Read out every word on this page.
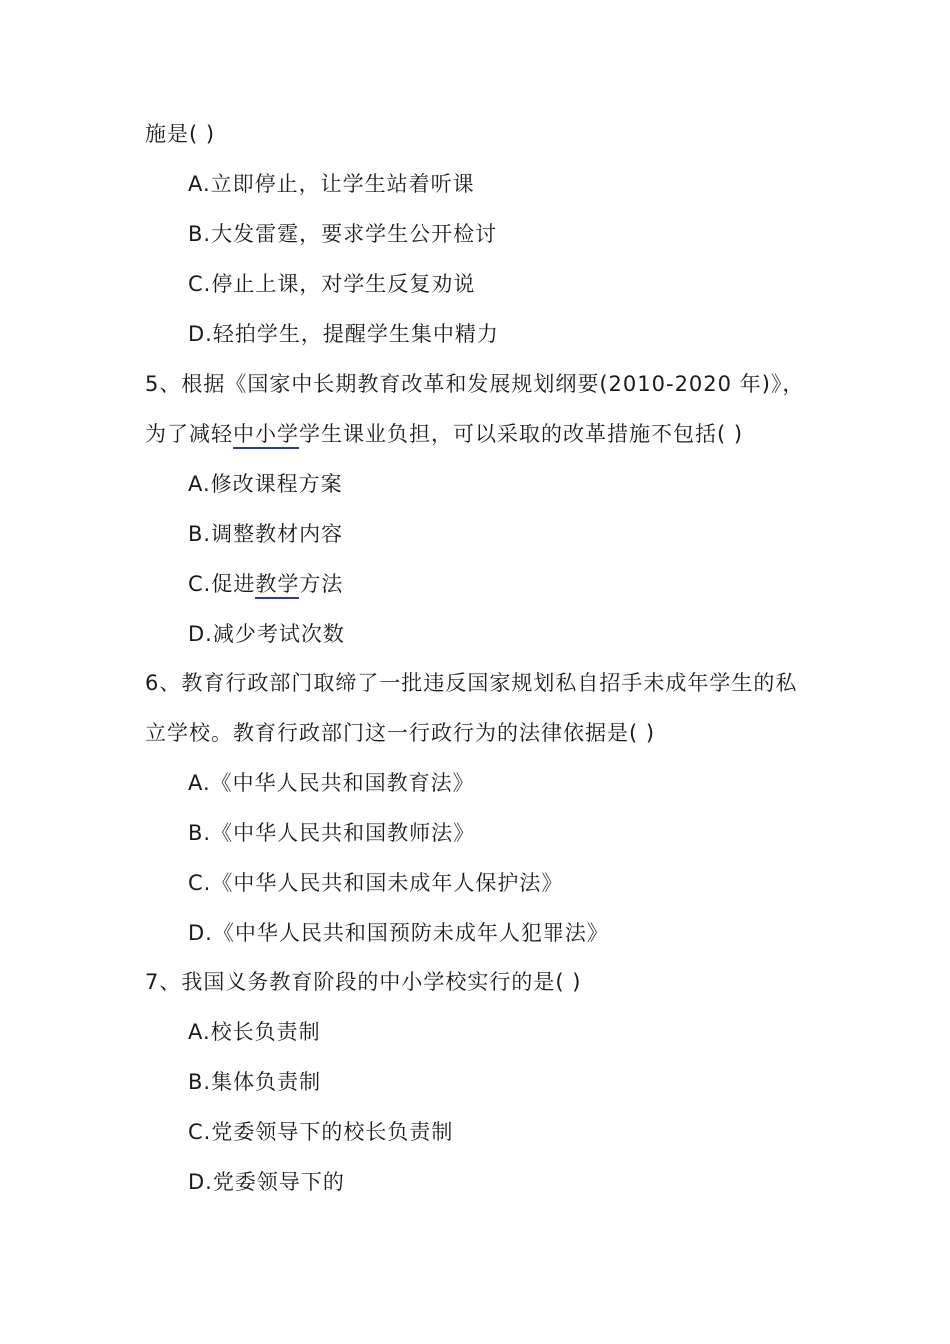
施是( )
A.立即停止，让学生站着听课
B.大发雷霆，要求学生公开检讨
C.停止上课，对学生反复劝说
D.轻拍学生，提醒学生集中精力
5、根据《国家中长期教育改革和发展规划纲要(2010-2020 年)》，
为了减轻中小学学生课业负担，可以采取的改革措施不包括( )
A.修改课程方案
B.调整教材内容
C.促进教学方法
D.减少考试次数
6、教育行政部门取缔了一批违反国家规划私自招手未成年学生的私
立学校。教育行政部门这一行政行为的法律依据是( )
A.《中华人民共和国教育法》
B.《中华人民共和国教师法》
C.《中华人民共和国未成年人保护法》
D.《中华人民共和国预防未成年人犯罪法》
7、我国义务教育阶段的中小学校实行的是( )
A.校长负责制
B.集体负责制
C.党委领导下的校长负责制
D.党委领导下的
